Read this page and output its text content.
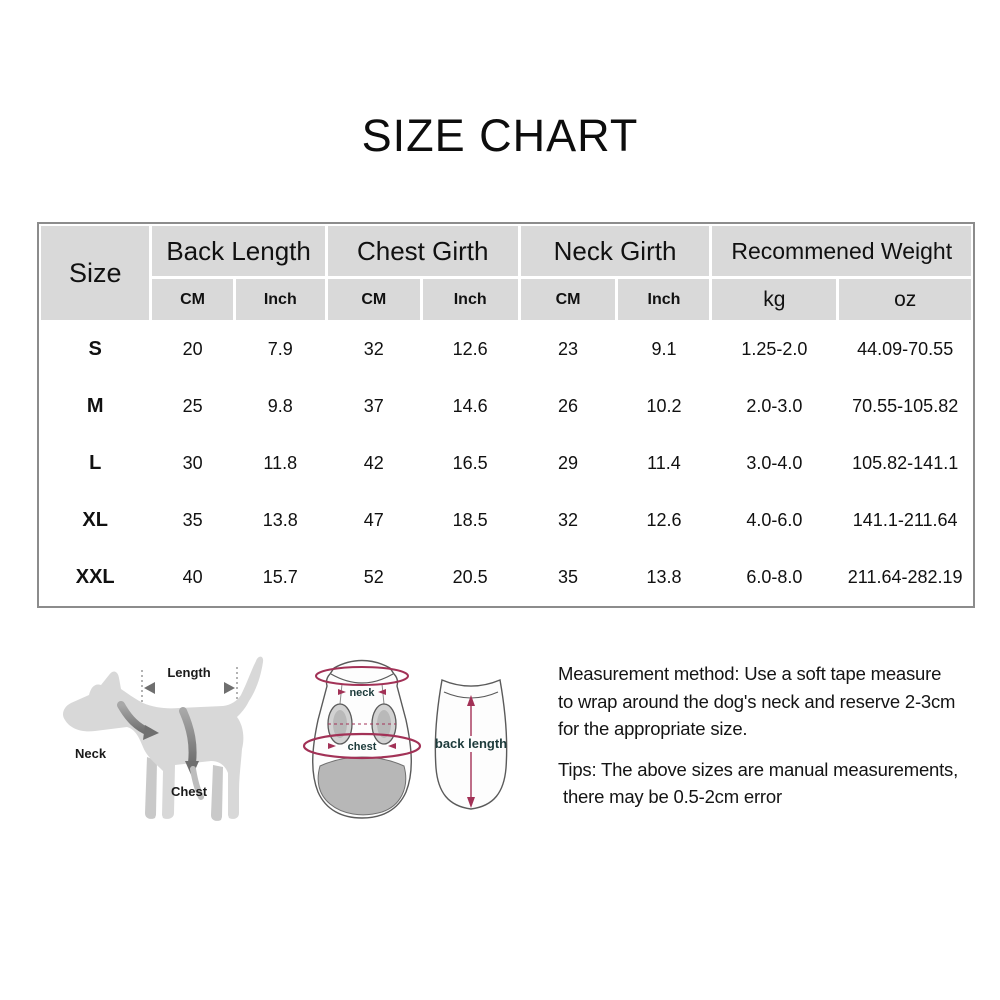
SIZE CHART
Size
Back Length	Chest Girth	Neck Girth	Recommened Weight
CM	Inch	CM	Inch	CM	Inch	kg	oz
S	20	7.9	32	12.6	23	9.1	1.25-2.0	44.09-70.55
M	25	9.8	37	14.6	26	10.2	2.0-3.0	70.55-105.82
L	30	11.8	42	16.5	29	11.4	3.0-4.0	105.82-141.1
XL	35	13.8	47	18.5	32	12.6	4.0-6.0	141.1-211.64
XXL	40	15.7	52	20.5	35	13.8	6.0-8.0	211.64-282.19
Length
Neck
Chest
neck
chest	back length
Measurement method: Use a soft tape measure
to wrap around the dog's neck and reserve 2-3cm
for the appropriate size.
Tips: The above sizes are manual measurements,
there may be 0.5-2cm error
